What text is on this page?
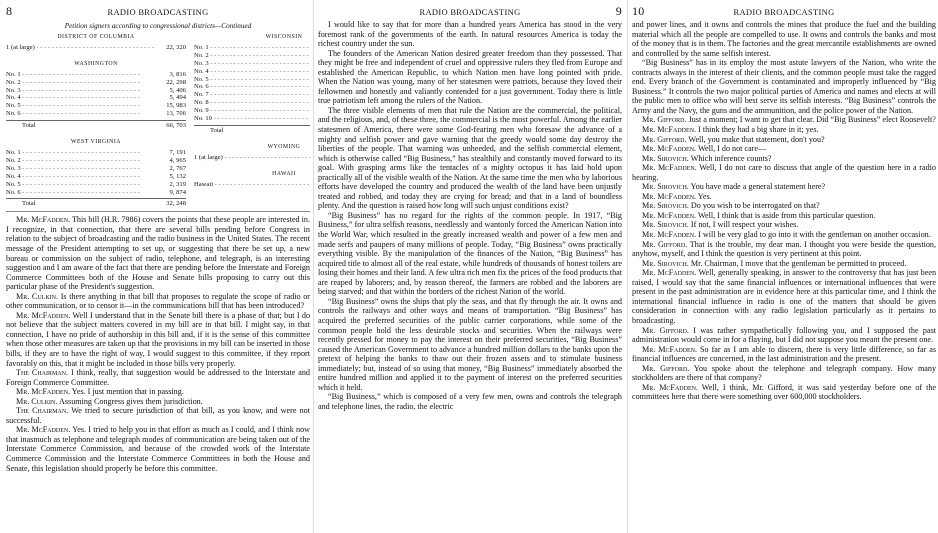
8	RADIO BROADCASTING
Petition signers according to congressional districts—Continued
DISTRICT OF COLUMBIA
1 (at large) - - -	22, 320
WASHINGTON
No. 1 - - -	3, 816
No. 2 - - -	22, 298
No. 3 - - -	5, 406
No. 4 - - -	5, 494
No. 5 - - -	15, 983
No. 6 - - -	13, 706
Total	66, 703
WEST VIRGINIA
No. 1 - - -	7, 191
No. 2 - - -	4, 965
No. 3 - - -	2, 767
No. 4 - - -	5, 132
No. 5 - - -	2, 319
No. 6 - - -	9, 874
Total	32, 248
WISCONSIN
No. 1 - - -
No. 2 - - -
No. 3 - - -
No. 4 - - -
No. 5 - - -
No. 6 - - -
No. 7 - - -
No. 8 - - -
No. 9 - - -
No. 10 - - -
Total
WYOMING
1 (at large) - - -
HAWAII
Hawaii - - -

Mr. McFadden. This bill (H.R. 7986) covers the points that these people are interested in. I recognize, in that connection, that there are several bills pending before Congress in relation to the subject of broadcasting and the radio business in the United States. The recent message of the President attempting to set up, or suggesting that there be set up, a new bureau or commission on the subject of radio, telephone, and telegraph, is an interesting suggestion and I am aware of the fact that there are pending before the Interstate and Foreign Commerce Committees both of the House and Senate bills proposing to carry out this particular phase of the President's suggestion.

Mr. Culkin. Is there anything in that bill that proposes to regulate the scope of radio or other communication, or to censor it—in the communications bill that has been introduced?

Mr. McFadden. Well I understand that in the Senate bill there is a phase of that; but I do not believe that the subject matters covered in my bill are in that bill. I might say, in that connection, I have no pride of authorship in this bill and, if it is the sense of this committee when those other measures are taken up that the provisions in my bill can be inserted in those bills, if they are to have the right of way, I would suggest to this committee, if they report favorably on this, that it might be included in those bills very properly.

The Chairman. I think, really, that suggestion would be addressed to the Interstate and Foreign Commerce Committee.

Mr. McFadden. Yes. I just mention that in passing.

Mr. Culkin. Assuming Congress gives them jurisdiction.

The Chairman. We tried to secure jurisdiction of that bill, as you know, and were not successful.

Mr. McFadden. Yes. I tried to help you in that effort as much as I could, and I think now that inasmuch as telephone and telegraph modes of communication are being taken out of the Interstate Commerce Commission, and because of the crowded work of the Interstate Commerce Commission and the Interstate Commerce Committees in both the House and Senate, this legislation should properly be before this committee.

RADIO BROADCASTING	9

I would like to say that for more than a hundred years America has stood in the very foremost rank of the governments of the earth. In natural resources America is today the richest country under the sun.

The founders of the American Nation desired greater freedom than they possessed. That they might be free and independent of cruel and oppressive rulers they fled from Europe and established the American Republic, to which Nation men have long pointed with pride. When the Nation was young, many of her statesmen were patriots, because they loved their fellowmen and honestly and valiantly contended for a just government. Today there is little true patriotism left among the rulers of the Nation.

The three visible elements of men that rule the Nation are the commercial, the political, and the religious, and, of these three, the commercial is the most powerful. Among the earlier statesmen of America, there were some God-fearing men who foresaw the advance of a mighty and selfish power and gave warning that the greedy would some day destroy the liberties of the people. That warning was unheeded, and the selfish commercial element, which is otherwise called “Big Business,” has stealthily and constantly moved forward to its goal. With grasping arms like the tentacles of a mighty octopus it has laid hold upon practically all of the visible wealth of the Nation. At the same time the men who by laborious efforts have developed the country and produced the wealth of the land have been unjustly treated and robbed, and today they are crying for bread; and that in a land of boundless plenty. And the question is raised how long will such unjust conditions exist?

“Big Business” has no regard for the rights of the common people. In 1917, “Big Business,” for ultra selfish reasons, needlessly and wantonly forced the American Nation into the World War, which resulted in the greatly increased wealth and power of a few men and made serfs and paupers of many millions of people. Today, “Big Business” owns practically everything visible. By the manipulation of the finances of the Nation, “Big Business” has acquired title to almost all of the real estate, while hundreds of thousands of honest toilers are losing their homes and their land. A few ultra rich men fix the prices of the food products that are reaped by laborers; and, by reason thereof, the farmers are robbed and the laborers are being starved; and that within the borders of the richest Nation of the world.

“Big Business” owns the ships that ply the seas, and that fly through the air. It owns and controls the railways and other ways and means of transportation. “Big Business” has acquired the preferred securities of the public carrier corporations, while some of the common people hold the less desirable stocks and securities. When the railways were recently pressed for money to pay the interest on their preferred securities, “Big Business” caused the American Government to advance a hundred million dollars to the banks upon the pretext of helping the banks to thaw out their frozen assets and to stimulate business immediately; but, instead of so using that money, “Big Business” immediately absorbed the entire hundred million and applied it to the payment of interest on the preferred securities which it held.

“Big Business,” which is composed of a very few men, owns and controls the telegraph and telephone lines, the radio, the electric

10	RADIO BROADCASTING

and power lines, and it owns and controls the mines that produce the fuel and the building material which all the people are compelled to use. It owns and controls the banks and most of the money that is in them. The factories and the great mercantile establishments are owned and controlled by the same selfish interest.

“Big Business” has in its employ the most astute lawyers of the Nation, who write the contracts always in the interest of their clients, and the common people must take the ragged end. Every branch of the Government is contaminated and improperly influenced by “Big Business.” It controls the two major political parties of America and names and elects at will the public men to office who will best serve its selfish interests. “Big Business” controls the Army and the Navy, the guns and the ammunition, and the police power of the Nation.

Mr. Gifford. Just a moment; I want to get that clear. Did “Big Business” elect Roosevelt?

Mr. McFadden. I think they had a big share in it; yes.

Mr. Gifford. Well, you make that statement, don't you?

Mr. McFadden. Well, I do not care—

Mr. Sirovich. Which inference counts?

Mr. McFadden. Well, I do not care to discuss that angle of the question here in a radio hearing.

Mr. Sirovich. You have made a general statement here?

Mr. McFadden. Yes.

Mr. Sirovich. Do you wish to be interrogated on that?

Mr. McFadden. Well, I think that is aside from this particular question.

Mr. Sirovich. If not, I will respect your wishes.

Mr. McFadden. I will be very glad to go into it with the gentleman on another occasion.

Mr. Gifford. That is the trouble, my dear man. I thought you were beside the question, anyhow, myself, and I think the question is very pertinent at this point.

Mr. Sirovich. Mr. Chairman, I move that the gentleman be permitted to proceed.

Mr. McFadden. Well, generally speaking, in answer to the controversy that has just been raised, I would say that the same financial influences or international influences that were present in the past administration are in evidence here at this particular time, and I think the international financial influence in radio is one of the matters that should be given consideration in connection with any radio legislation particularly as it pertains to broadcasting.

Mr. Gifford. I was rather sympathetically following you, and I supposed the past administration would come in for a flaying, but I did not suppose you meant the present one.

Mr. McFadden. So far as I am able to discern, there is very little difference, so far as financial influences are concerned, in the last administration and the present.

Mr. Gifford. You spoke about the telephone and telegraph company. How many stockholders are there of that company?

Mr. McFadden. Well, I think, Mr. Gifford, it was said yesterday before one of the committees here that there were something over 600,000 stockholders.
